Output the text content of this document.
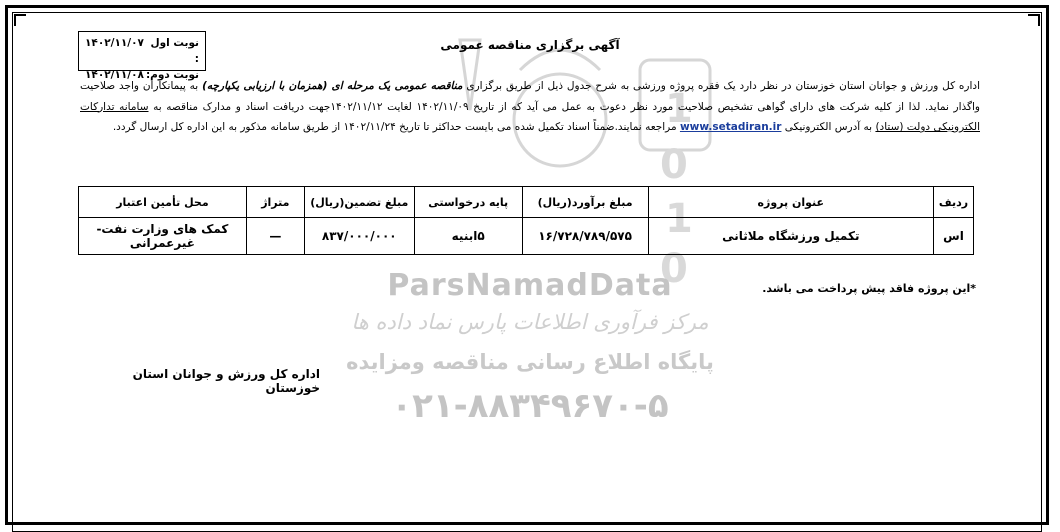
1
0
1
0
ParsNamadData
مرکز فرآوری اطلاعات پارس نماد داده ها
پایگاه اطلاع رسانی مناقصه ومزایده
۰۲۱-۸۸۳۴۹۶۷۰-۵
نوبت اول :
۱۴۰۲/۱۱/۰۷
نوبت دوم:
۱۴۰۲/۱۱/۰۸
آگهی برگزاری مناقصه عمومی
اداره کل ورزش و جوانان استان خوزستان در نظر دارد یک فقره پروژه ورزشی به شرح جدول ذیل از طریق برگزاری مناقصه عمومی یک مرحله ای (همزمان با ارزیابی یکپارچه) به پیمانکاران واجد صلاحیت واگذار نماید. لذا از کلیه شرکت های دارای گواهی تشخیص صلاحیت مورد نظر دعوت به عمل می آید که از تاریخ ۱۴۰۲/۱۱/۰۹ لغایت ۱۴۰۲/۱۱/۱۲جهت دریافت اسناد و مدارک مناقصه به سامانه تدارکات الکترونیکی دولت (ستاد) به آدرس الکترونیکی www.setadiran.ir مراجعه نمایند.ضمناً اسناد تکمیل شده می بایست حداکثر تا تاریخ ۱۴۰۲/۱۱/۲۴ از طریق سامانه مذکور به این اداره کل ارسال گردد.
ردیف	عنوان پروژه	مبلغ برآورد(ریال)	پایه درخواستی	مبلغ تضمین(ریال)	متراژ	محل تأمین اعتبار
اس	تکمیل ورزشگاه ملاثانی	۱۶/۷۲۸/۷۸۹/۵۷۵	۵ابنیه	۸۳۷/۰۰۰/۰۰۰	—	کمک های وزارت نفت-غیرعمرانی
*این پروژه فاقد پیش پرداخت می باشد.
اداره کل ورزش و جوانان استان خوزستان
